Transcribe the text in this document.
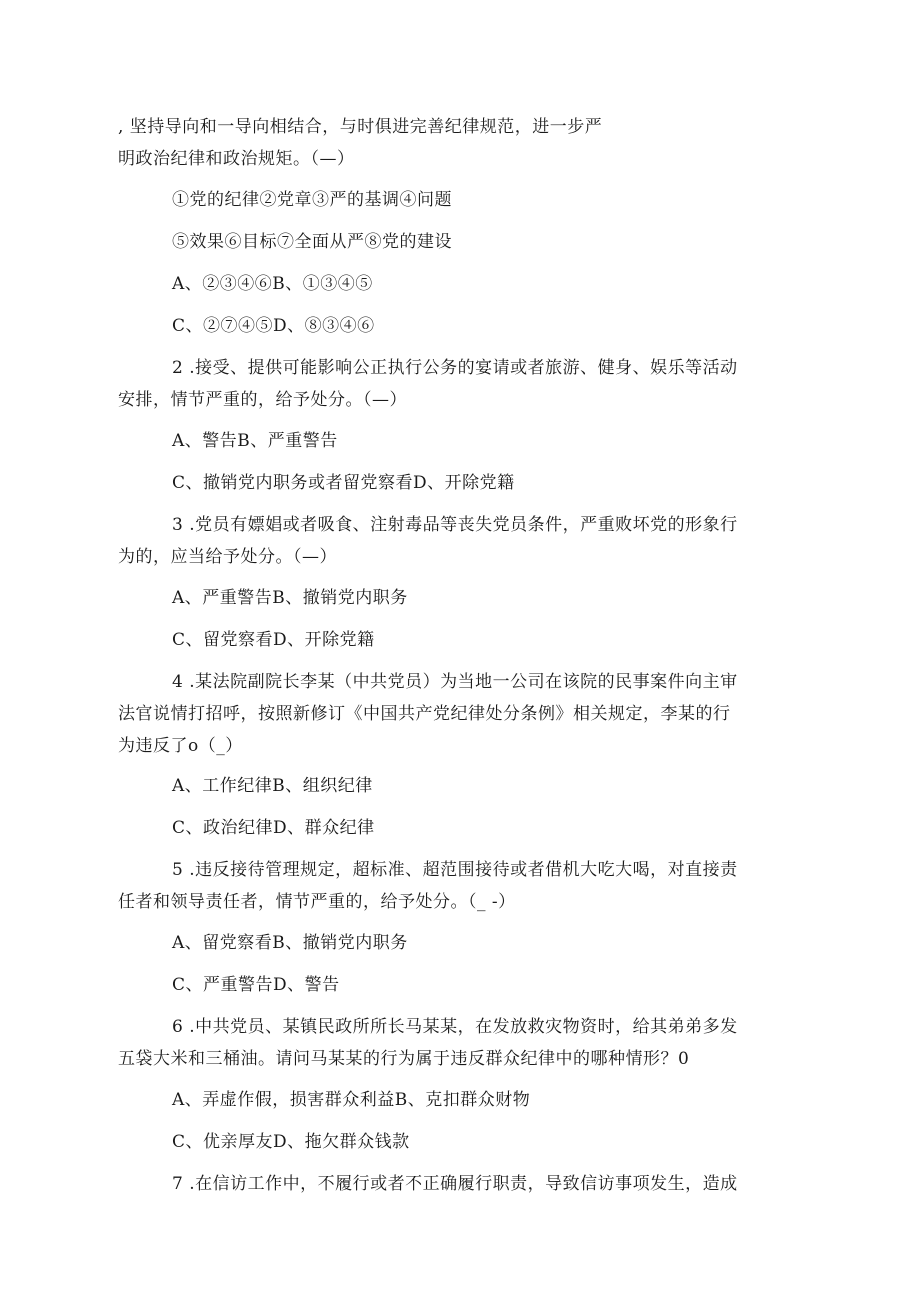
, 坚持导向和一导向相结合，与时俱进完善纪律规范，进一步严
明政治纪律和政治规矩。（—）
①党的纪律②党章③严的基调④问题
⑤效果⑥目标⑦全面从严⑧党的建设
A、②③④⑥B、①③④⑤
C、②⑦④⑤D、⑧③④⑥
2 .接受、提供可能影响公正执行公务的宴请或者旅游、健身、娱乐等活动
安排，情节严重的，给予处分。（—）
A、警告B、严重警告
C、撤销党内职务或者留党察看D、开除党籍
3 .党员有嫖娼或者吸食、注射毒品等丧失党员条件，严重败坏党的形象行
为的，应当给予处分。（—）
A、严重警告B、撤销党内职务
C、留党察看D、开除党籍
4 .某法院副院长李某（中共党员）为当地一公司在该院的民事案件向主审
法官说情打招呼，按照新修订《中国共产党纪律处分条例》相关规定，李某的行
为违反了o（_）
A、工作纪律B、组织纪律
C、政治纪律D、群众纪律
5 .违反接待管理规定，超标准、超范围接待或者借机大吃大喝，对直接责
任者和领导责任者，情节严重的，给予处分。（_ -）
A、留党察看B、撤销党内职务
C、严重警告D、警告
6 .中共党员、某镇民政所所长马某某，在发放救灾物资时，给其弟弟多发
五袋大米和三桶油。请问马某某的行为属于违反群众纪律中的哪种情形？0
A、弄虚作假，损害群众利益B、克扣群众财物
C、优亲厚友D、拖欠群众钱款
7 .在信访工作中，不履行或者不正确履行职责，导致信访事项发生，造成
